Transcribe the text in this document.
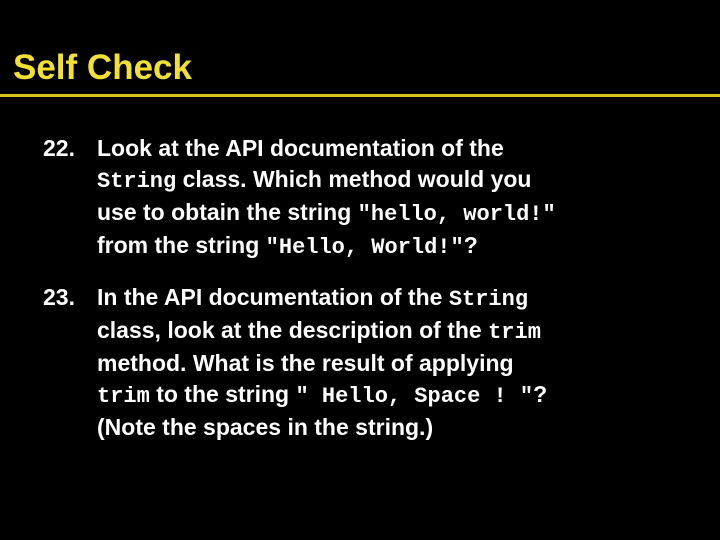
Self Check
22. Look at the API documentation of the
String class. Which method would you
use to obtain the string "hello, world!"
from the string "Hello, World!"?
23. In the API documentation of the String
class, look at the description of the trim
method. What is the result of applying
trim to the string " Hello, Space ! "?
(Note the spaces in the string.)
